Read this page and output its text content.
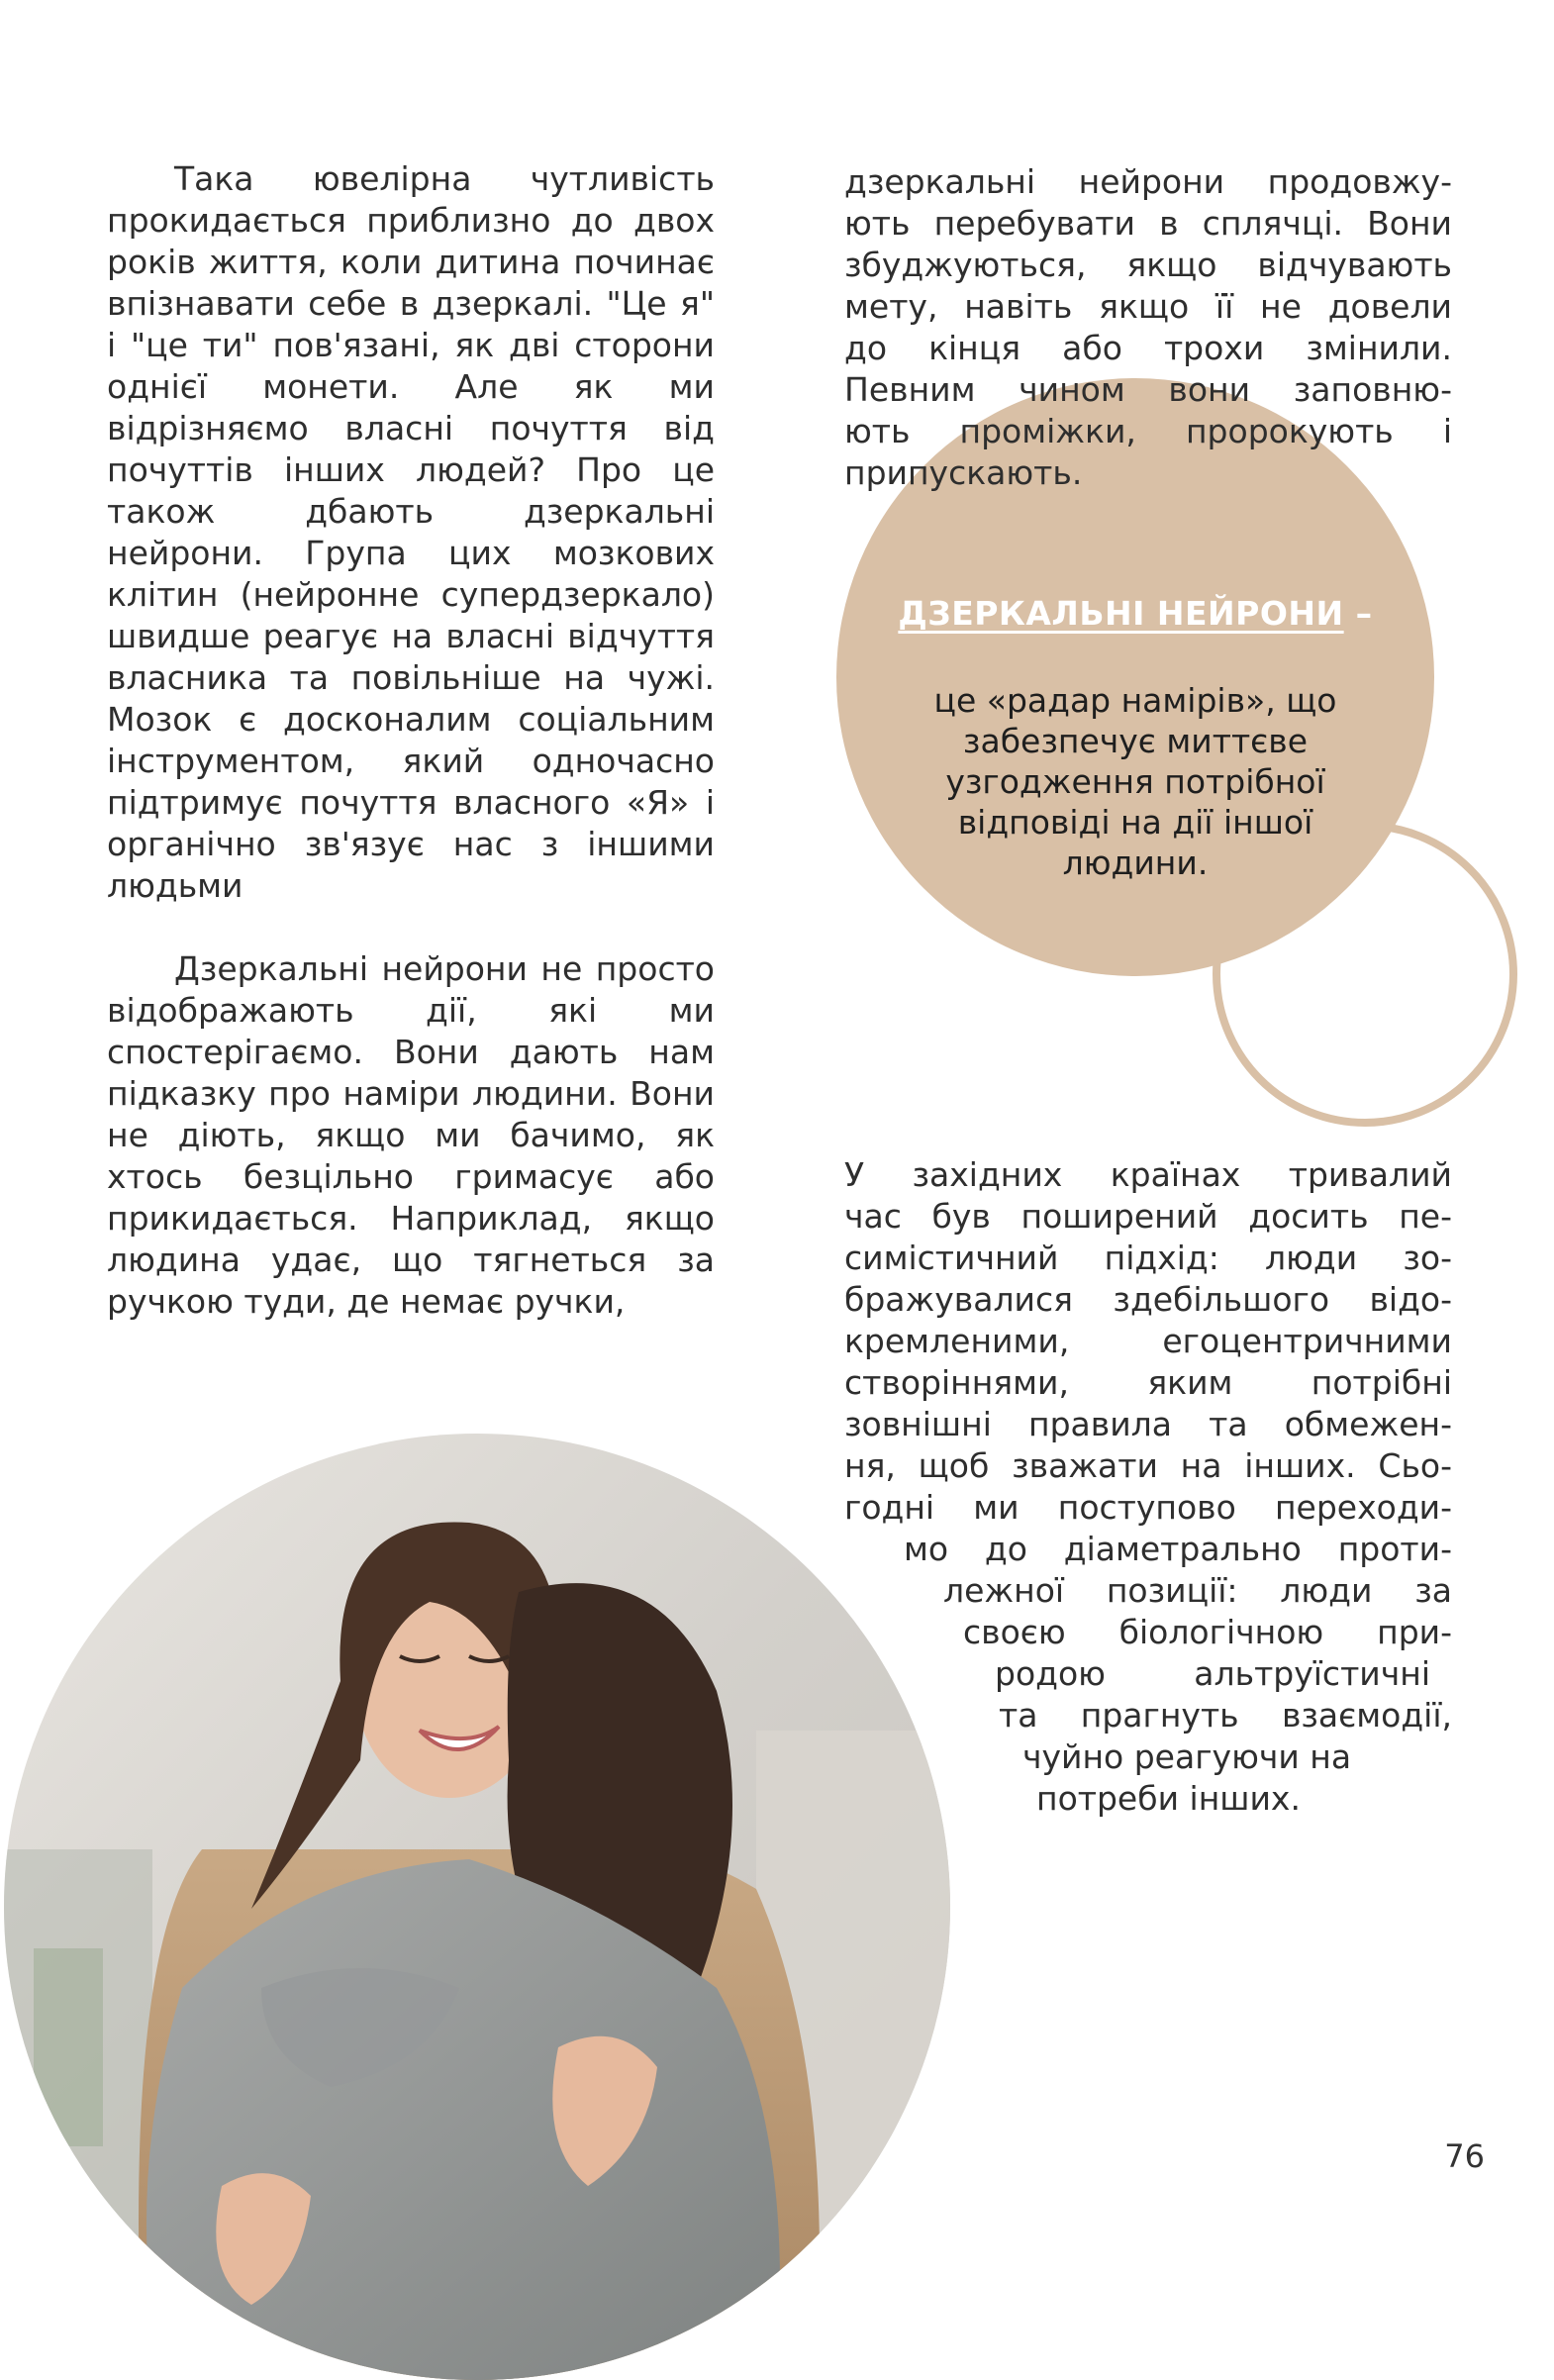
Така ювелірна чутливість прокидається приблизно до двох років життя, коли дитина починає впізнавати себе в дзеркалі. "Це я" і "це ти" пов'язані, як дві сторони однієї монети. Але як ми відрізняємо власні почуття від почуттів інших людей? Про це також дбають дзеркальні нейрони. Група цих мозкових клітин (нейронне супердзеркало) швидше реагує на власні відчуття власника та повільніше на чужі. Мозок є досконалим соціальним інструментом, який одночасно підтримує почуття власного «Я» і органічно зв'язує нас з іншими людьми

Дзеркальні нейрони не просто відображають дії, які ми спостерігаємо. Вони дають нам підказку про наміри людини. Вони не діють, якщо ми бачимо, як хтось безцільно гримасує або прикидається. Наприклад, якщо людина удає, що тягнеться за ручкою туди, де немає ручки,

дзеркальні нейрони продовжу-
ють перебувати в сплячці. Вони
збуджуються, якщо відчувають
мету, навіть якщо її не довели
до кінця або трохи змінили.
Певним чином вони заповню-
ють проміжки, пророкують і
припускають.
ДЗЕРКАЛЬНІ НЕЙРОНИ –
це «радар намірів», що забезпечує миттєве узгодження потрібної відповіді на дії іншої людини.
У західних країнах тривалий
час був поширений досить пе-
симістичний підхід: люди зо-
бражувалися здебільшого відо-
кремленими, егоцентричними
створіннями, яким потрібні
зовнішні правила та обмежен-
ня, щоб зважати на інших. Сьо-
годні ми поступово переходи-
мо до діаметрально проти-
лежної позиції: люди за
своєю біологічною при-
родою альтруїстичні
та прагнуть взаємодії,
чуйно реагуючи на
потреби інших.
76
